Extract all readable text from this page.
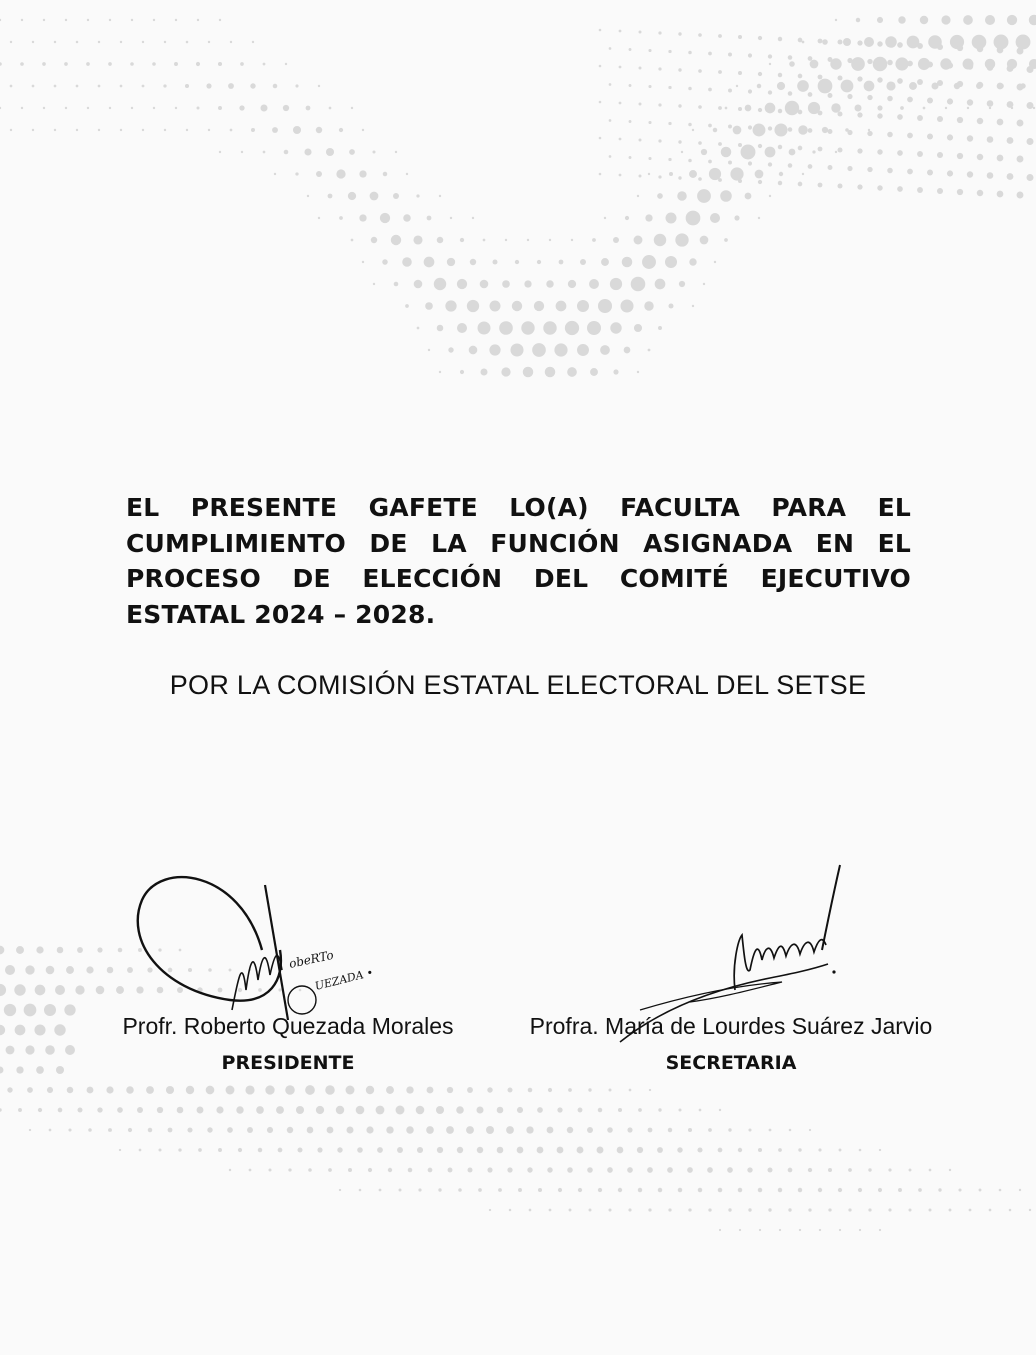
EL PRESENTE GAFETE LO(A) FACULTA PARA EL CUMPLIMIENTO DE LA FUNCIÓN ASIGNADA EN EL PROCESO DE ELECCIÓN DEL COMITÉ EJECUTIVO ESTATAL 2024 – 2028.

POR LA COMISIÓN ESTATAL ELECTORAL DEL SETSE

obeRTo
UEZADA •

Profr. Roberto Quezada Morales

PRESIDENTE

Profra. María de Lourdes Suárez Jarvio

SECRETARIA
